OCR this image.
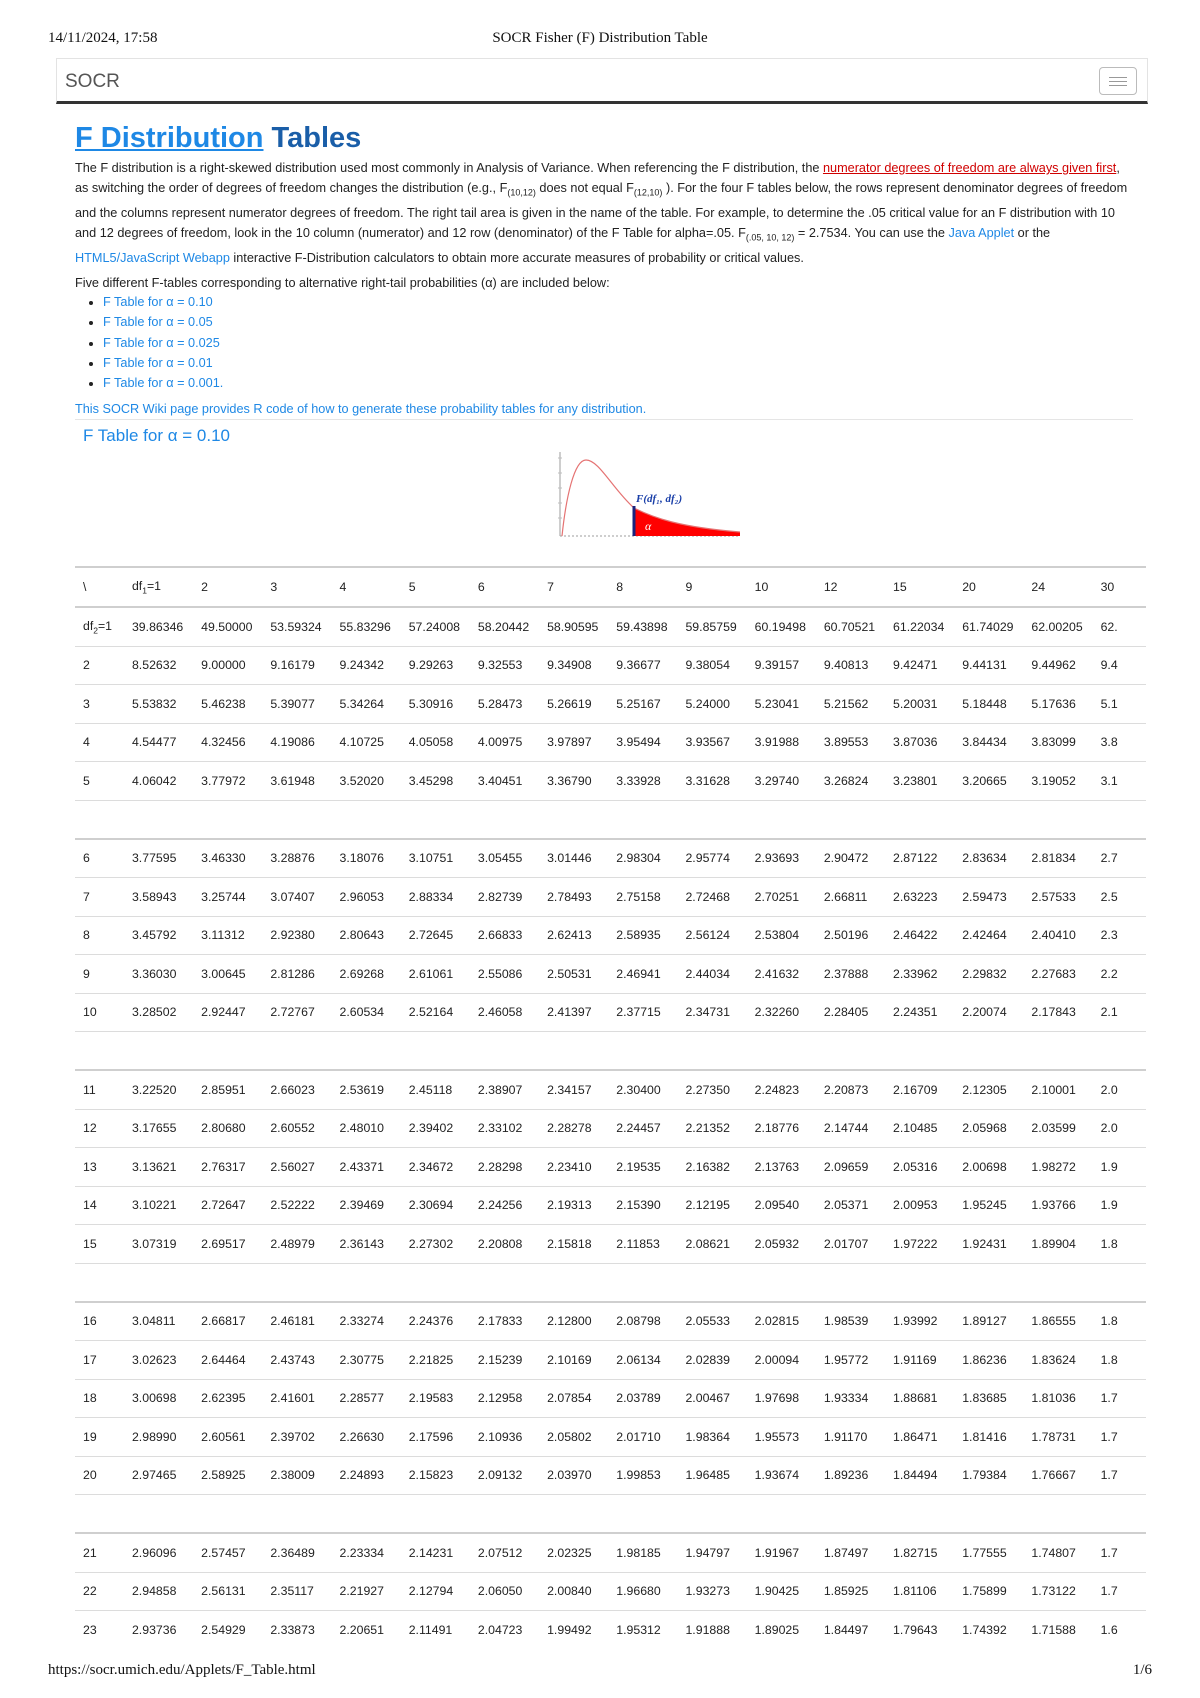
14/11/2024, 17:58	SOCR Fisher (F) Distribution Table
SOCR
F Distribution Tables

The F distribution is a right-skewed distribution used most commonly in Analysis of Variance. When referencing the F distribution, the numerator degrees of freedom are always given first, as switching the order of degrees of freedom changes the distribution (e.g., $F_{(10,12)}$ does not equal $F_{(12,10)}$ ). For the four F tables below, the rows represent denominator degrees of freedom and the columns represent numerator degrees of freedom. The right tail area is given in the name of the table. For example, to determine the .05 critical value for an F distribution with 10 and 12 degrees of freedom, look in the 10 column (numerator) and 12 row (denominator) of the F Table for alpha=.05. $F_{(.05, 10, 12)} = 2.7534$. You can use the Java Applet or the HTML5/JavaScript Webapp interactive F-Distribution calculators to obtain more accurate measures of probability or critical values.

Five different F-tables corresponding to alternative right-tail probabilities (α) are included below:

• F Table for α = 0.10
• F Table for α = 0.05
• F Table for α = 0.025
• F Table for α = 0.01
• F Table for α = 0.001.
This SOCR Wiki page provides R code of how to generate these probability tables for any distribution.
F Table for α = 0.10
F(df₁, df₂)
α
\	$df_1=1$	2	3	4	5	6	7	8	9	10	12	15	20	24	30
$df_2=1$	39.86346	49.50000	53.59324	55.83296	57.24008	58.20442	58.90595	59.43898	59.85759	60.19498	60.70521	61.22034	61.74029	62.00205	62.
2	8.52632	9.00000	9.16179	9.24342	9.29263	9.32553	9.34908	9.36677	9.38054	9.39157	9.40813	9.42471	9.44131	9.44962	9.4
3	5.53832	5.46238	5.39077	5.34264	5.30916	5.28473	5.26619	5.25167	5.24000	5.23041	5.21562	5.20031	5.18448	5.17636	5.1
4	4.54477	4.32456	4.19086	4.10725	4.05058	4.00975	3.97897	3.95494	3.93567	3.91988	3.89553	3.87036	3.84434	3.83099	3.8
5	4.06042	3.77972	3.61948	3.52020	3.45298	3.40451	3.36790	3.33928	3.31628	3.29740	3.26824	3.23801	3.20665	3.19052	3.1

6	3.77595	3.46330	3.28876	3.18076	3.10751	3.05455	3.01446	2.98304	2.95774	2.93693	2.90472	2.87122	2.83634	2.81834	2.7
7	3.58943	3.25744	3.07407	2.96053	2.88334	2.82739	2.78493	2.75158	2.72468	2.70251	2.66811	2.63223	2.59473	2.57533	2.5
8	3.45792	3.11312	2.92380	2.80643	2.72645	2.66833	2.62413	2.58935	2.56124	2.53804	2.50196	2.46422	2.42464	2.40410	2.3
9	3.36030	3.00645	2.81286	2.69268	2.61061	2.55086	2.50531	2.46941	2.44034	2.41632	2.37888	2.33962	2.29832	2.27683	2.2
10	3.28502	2.92447	2.72767	2.60534	2.52164	2.46058	2.41397	2.37715	2.34731	2.32260	2.28405	2.24351	2.20074	2.17843	2.1

11	3.22520	2.85951	2.66023	2.53619	2.45118	2.38907	2.34157	2.30400	2.27350	2.24823	2.20873	2.16709	2.12305	2.10001	2.0
12	3.17655	2.80680	2.60552	2.48010	2.39402	2.33102	2.28278	2.24457	2.21352	2.18776	2.14744	2.10485	2.05968	2.03599	2.0
13	3.13621	2.76317	2.56027	2.43371	2.34672	2.28298	2.23410	2.19535	2.16382	2.13763	2.09659	2.05316	2.00698	1.98272	1.9
14	3.10221	2.72647	2.52222	2.39469	2.30694	2.24256	2.19313	2.15390	2.12195	2.09540	2.05371	2.00953	1.95245	1.93766	1.9
15	3.07319	2.69517	2.48979	2.36143	2.27302	2.20808	2.15818	2.11853	2.08621	2.05932	2.01707	1.97222	1.92431	1.89904	1.8

16	3.04811	2.66817	2.46181	2.33274	2.24376	2.17833	2.12800	2.08798	2.05533	2.02815	1.98539	1.93992	1.89127	1.86555	1.8
17	3.02623	2.64464	2.43743	2.30775	2.21825	2.15239	2.10169	2.06134	2.02839	2.00094	1.95772	1.91169	1.86236	1.83624	1.8
18	3.00698	2.62395	2.41601	2.28577	2.19583	2.12958	2.07854	2.03789	2.00467	1.97698	1.93334	1.88681	1.83685	1.81036	1.7
19	2.98990	2.60561	2.39702	2.26630	2.17596	2.10936	2.05802	2.01710	1.98364	1.95573	1.91170	1.86471	1.81416	1.78731	1.7
20	2.97465	2.58925	2.38009	2.24893	2.15823	2.09132	2.03970	1.99853	1.96485	1.93674	1.89236	1.84494	1.79384	1.76667	1.7

21	2.96096	2.57457	2.36489	2.23334	2.14231	2.07512	2.02325	1.98185	1.94797	1.91967	1.87497	1.82715	1.77555	1.74807	1.7
22	2.94858	2.56131	2.35117	2.21927	2.12794	2.06050	2.00840	1.96680	1.93273	1.90425	1.85925	1.81106	1.75899	1.73122	1.7
23	2.93736	2.54929	2.33873	2.20651	2.11491	2.04723	1.99492	1.95312	1.91888	1.89025	1.84497	1.79643	1.74392	1.71588	1.6
https://socr.umich.edu/Applets/F_Table.html	1/6
